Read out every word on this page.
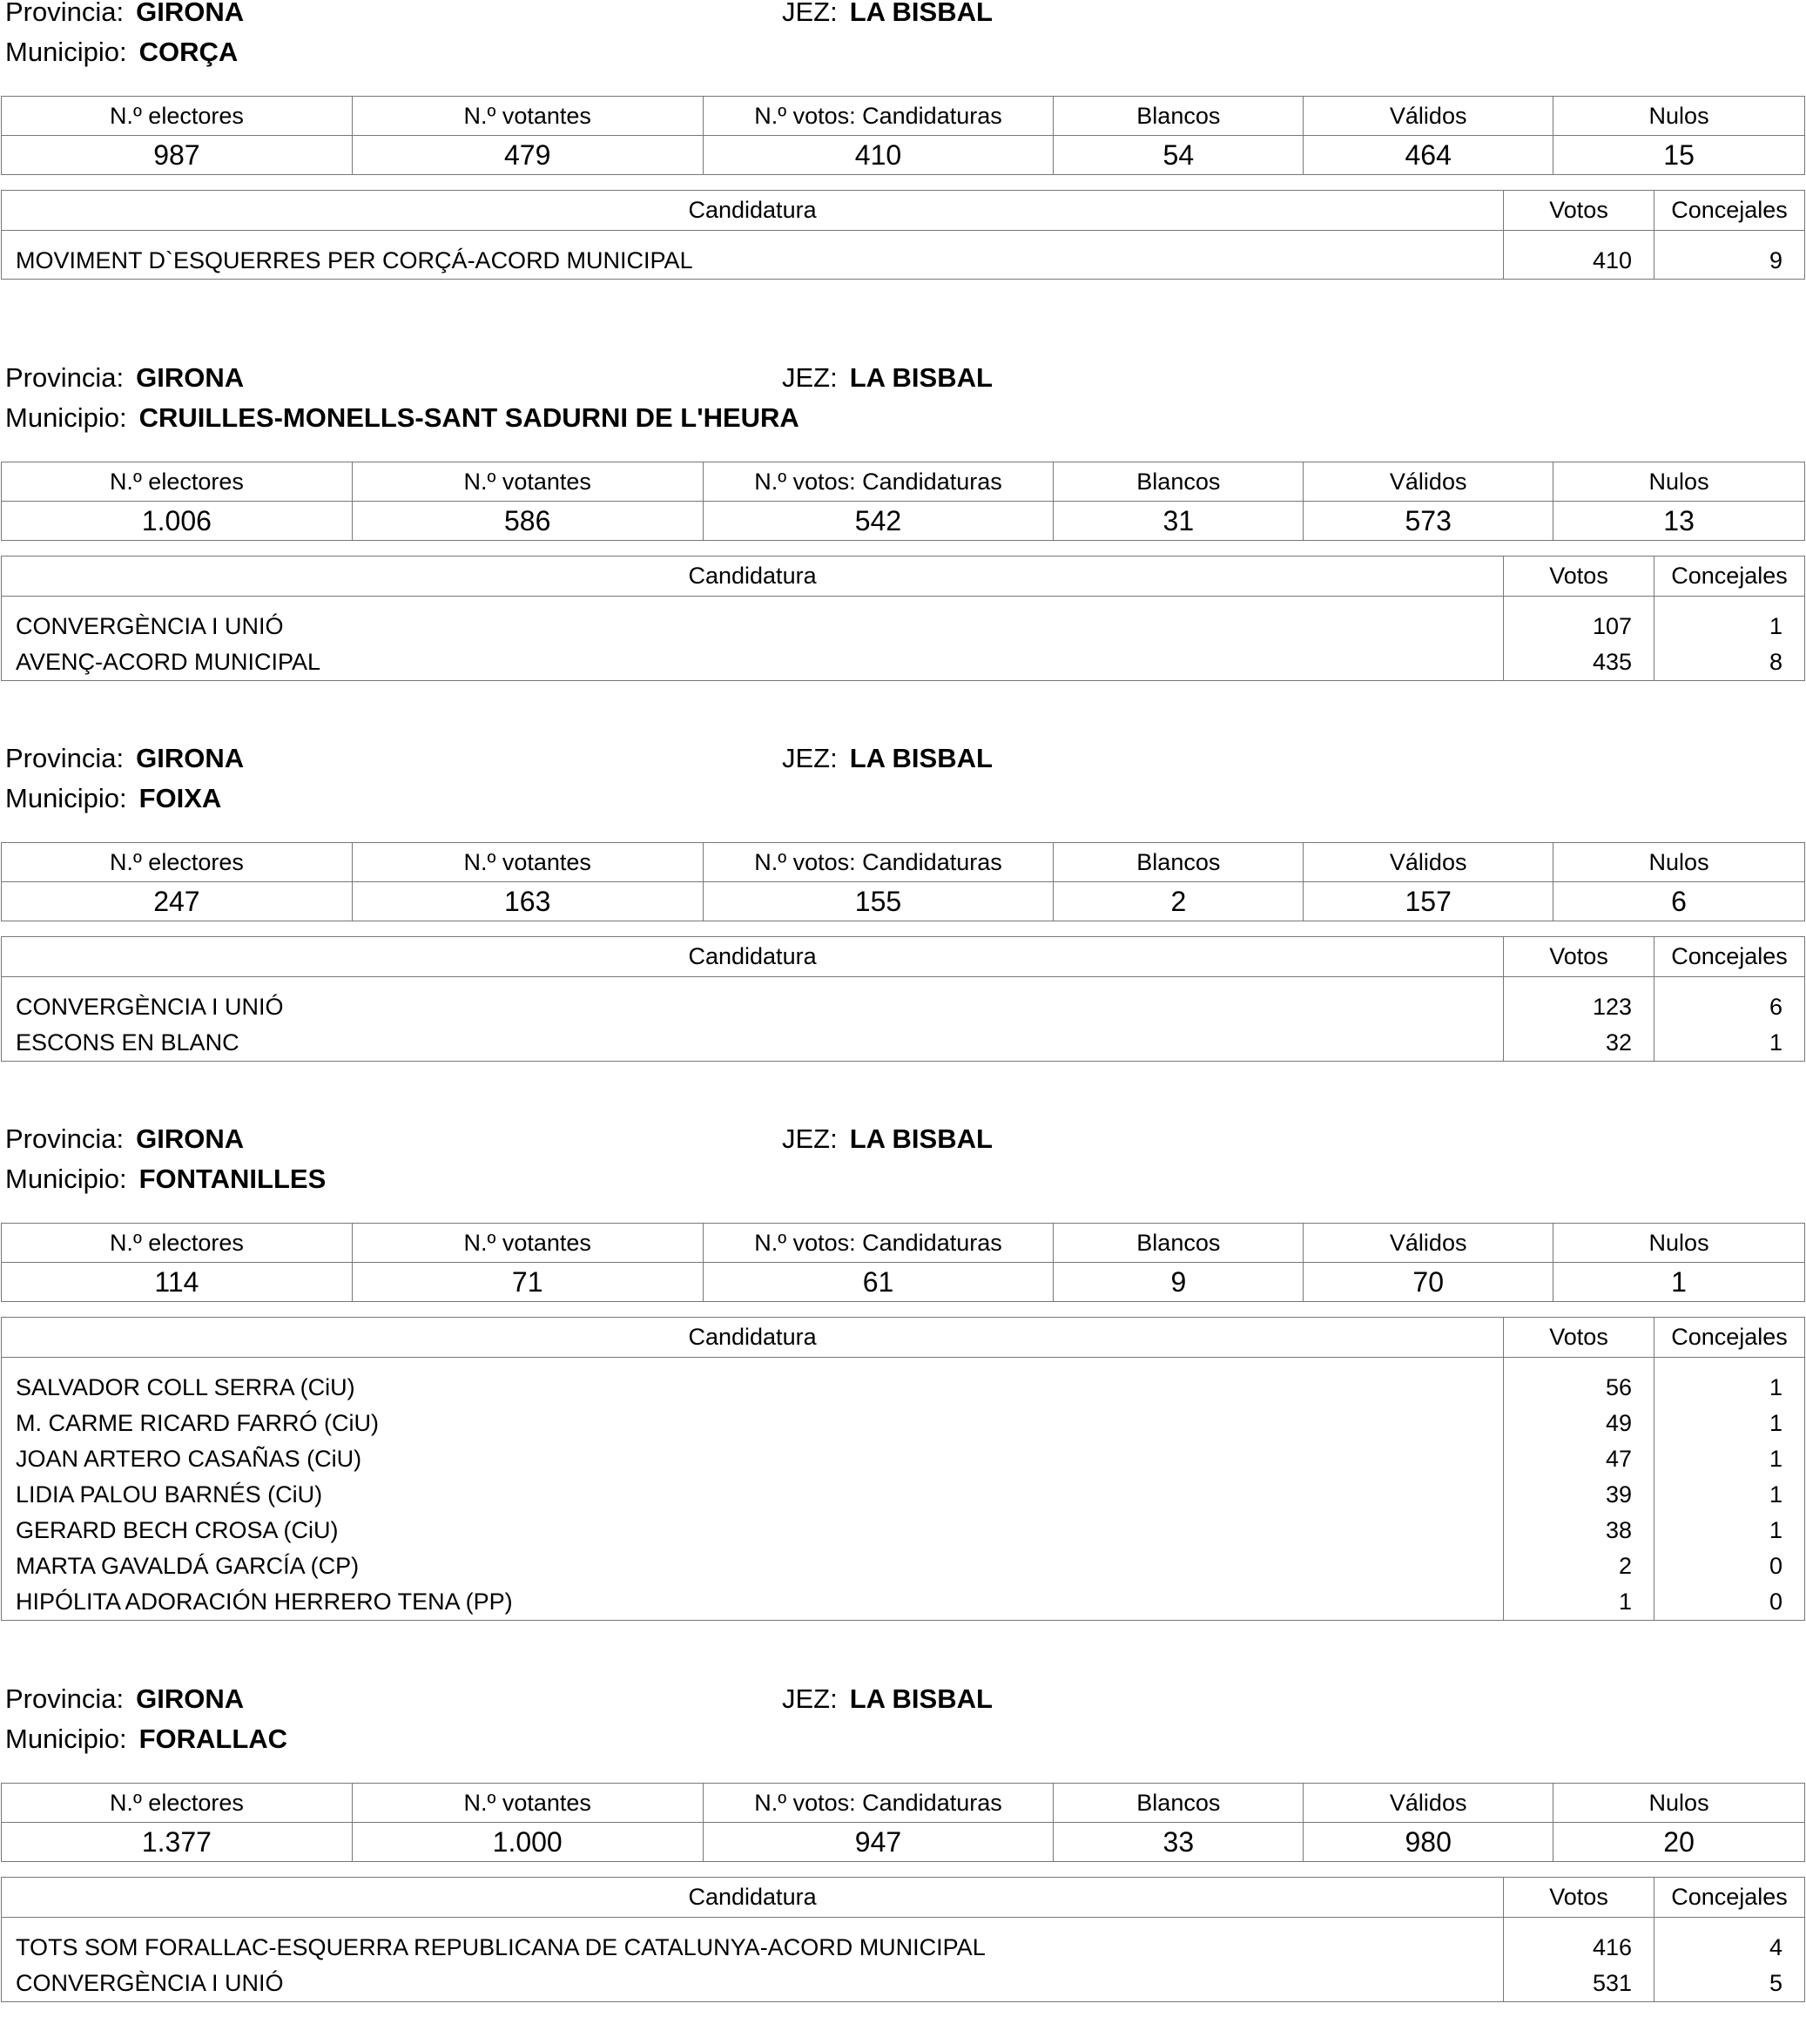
Provincia: GIRONA	JEZ: LA BISBAL
Municipio: CORÇA
N.º electores	N.º votantes	N.º votos: Candidaturas	Blancos	Válidos	Nulos
987	479	410	54	464	15
Candidatura	Votos	Concejales

MOVIMENT D`ESQUERRES PER CORÇÁ-ACORD MUNICIPAL	410	9
Provincia: GIRONA	JEZ: LA BISBAL
Municipio: CRUILLES-MONELLS-SANT SADURNI DE L'HEURA
N.º electores	N.º votantes	N.º votos: Candidaturas	Blancos	Válidos	Nulos
1.006	586	542	31	573	13
Candidatura	Votos	Concejales

CONVERGÈNCIA I UNIÓ	107	1
AVENÇ-ACORD MUNICIPAL	435	8
Provincia: GIRONA	JEZ: LA BISBAL
Municipio: FOIXA
N.º electores	N.º votantes	N.º votos: Candidaturas	Blancos	Válidos	Nulos
247	163	155	2	157	6
Candidatura	Votos	Concejales

CONVERGÈNCIA I UNIÓ	123	6
ESCONS EN BLANC	32	1
Provincia: GIRONA	JEZ: LA BISBAL
Municipio: FONTANILLES
N.º electores	N.º votantes	N.º votos: Candidaturas	Blancos	Válidos	Nulos
114	71	61	9	70	1
Candidatura	Votos	Concejales

SALVADOR COLL SERRA (CiU)	56	1
M. CARME RICARD FARRÓ (CiU)	49	1
JOAN ARTERO CASAÑAS (CiU)	47	1
LIDIA PALOU BARNÉS (CiU)	39	1
GERARD BECH CROSA (CiU)	38	1
MARTA GAVALDÁ GARCÍA (CP)	2	0
HIPÓLITA ADORACIÓN HERRERO TENA (PP)	1	0
Provincia: GIRONA	JEZ: LA BISBAL
Municipio: FORALLAC
N.º electores	N.º votantes	N.º votos: Candidaturas	Blancos	Válidos	Nulos
1.377	1.000	947	33	980	20
Candidatura	Votos	Concejales

TOTS SOM FORALLAC-ESQUERRA REPUBLICANA DE CATALUNYA-ACORD MUNICIPAL	416	4
CONVERGÈNCIA I UNIÓ	531	5
